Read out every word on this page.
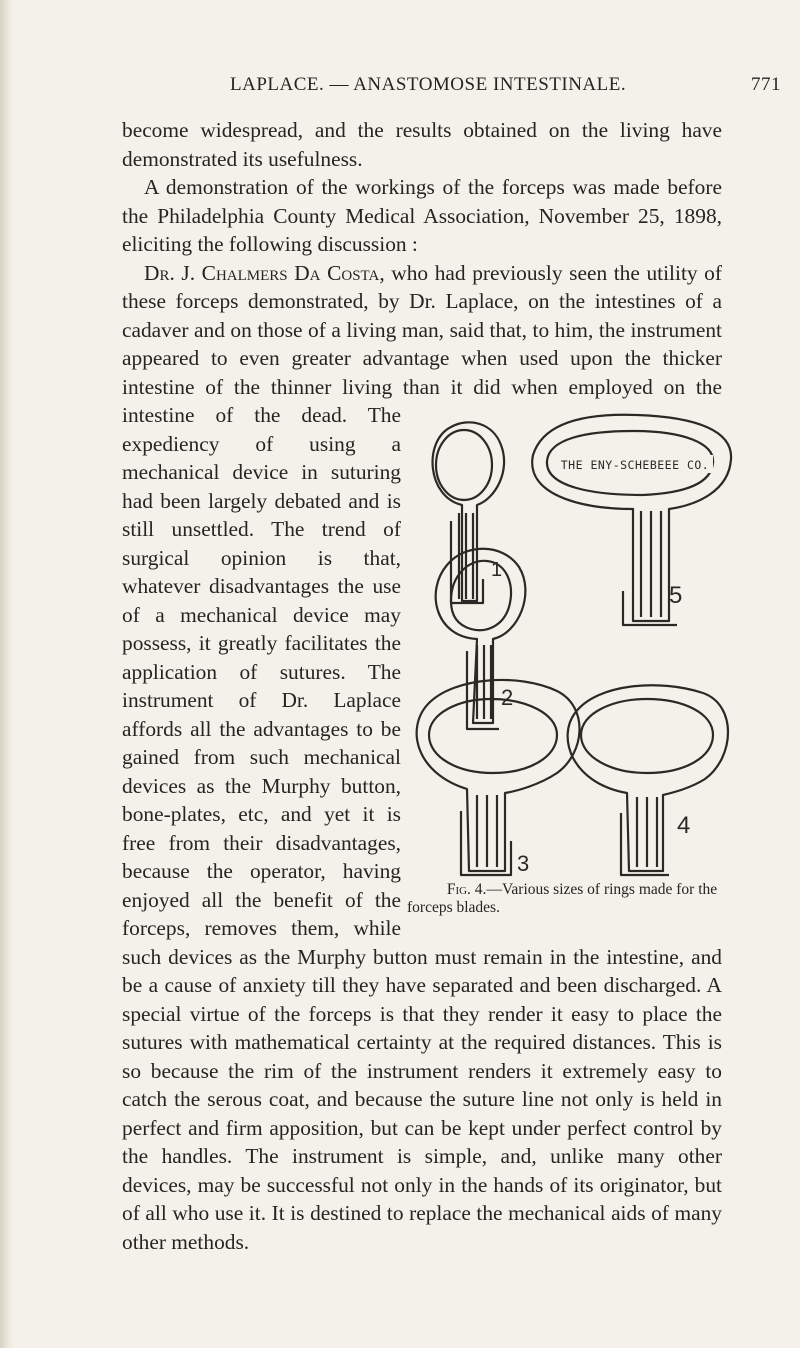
LAPLACE. — ANASTOMOSE INTESTINALE.	771

become widespread, and the results obtained on the living have demonstrated its usefulness.

A demonstration of the workings of the forceps was made before the Philadelphia County Medical Association, November 25, 1898, eliciting the following discussion :

Dr. J. Chalmers Da Costa, who had previously seen the utility of these forceps demonstrated, by Dr. Laplace, on the intestines of a cadaver and on those of a living man, said that, to him, the instrument appeared to even greater advantage when used upon the thicker intestine of the thinner living than it did when employed on the intestine of the dead.
1
THE ENY-SCHEBEEE CO.
5
2
3
4
Fig. 4.—Various sizes of rings made for the forceps blades.
The expediency of using a mechanical device in suturing had been largely debated and is still unsettled. The trend of surgical opinion is that, whatever disadvantages the use of a mechanical device may possess, it greatly facilitates the application of sutures. The instrument of Dr. Laplace affords all the advantages to be gained from such mechanical devices as the Murphy button, bone-plates, etc, and yet it is free from their disadvantages, because the operator, having enjoyed all the benefit of the forceps, removes them, while such devices as the Murphy button must remain in the intestine, and be a cause of anxiety till they have separated and been discharged. A special virtue of the forceps is that they render it easy to place the sutures with mathematical certainty at the required distances. This is so because the rim of the instrument renders it extremely easy to catch the serous coat, and because the suture line not only is held in perfect and firm apposition, but can be kept under perfect control by the handles. The instrument is simple, and, unlike many other devices, may be successful not only in the hands of its originator, but of all who use it. It is destined to replace the mechanical aids of many other methods.
